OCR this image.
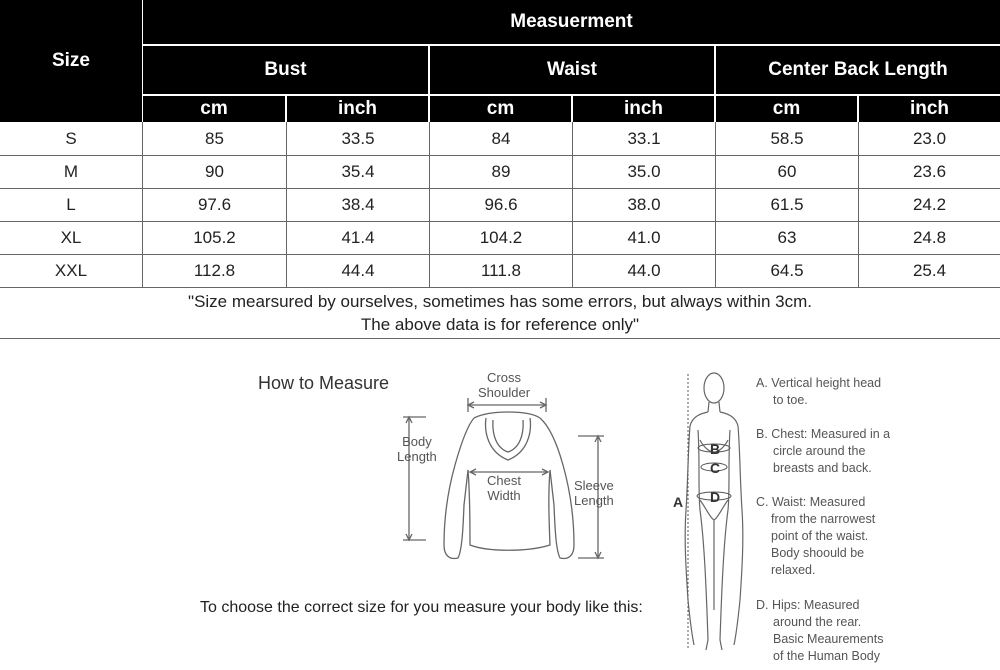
Size
Measuerment
Bust	Waist	Center Back Length
cm	inch	cm	inch	cm	inch
S	85	33.5	84	33.1	58.5	23.0
M	90	35.4	89	35.0	60	23.6
L	97.6	38.4	96.6	38.0	61.5	24.2
XL	105.2	41.4	104.2	41.0	63	24.8
XXL	112.8	44.4	111.8	44.0	64.5	25.4
"Size mearsured by ourselves, sometimes has some errors, but always within 3cm.
The above data is for reference only"
How to Measure	Cross
Shoulder
Body
Length
Chest
Width
Sleeve
Length
To choose the correct size for you measure your body like this:
A
B
C
D
A. Vertical height head
to toe.
B. Chest: Measured in a
circle around the
breasts and back.
C. Waist: Measured
from the narrowest
point of the waist.
Body shoould be
relaxed.
D. Hips: Measured
around the rear.
Basic Meaurements
of the Human Body
